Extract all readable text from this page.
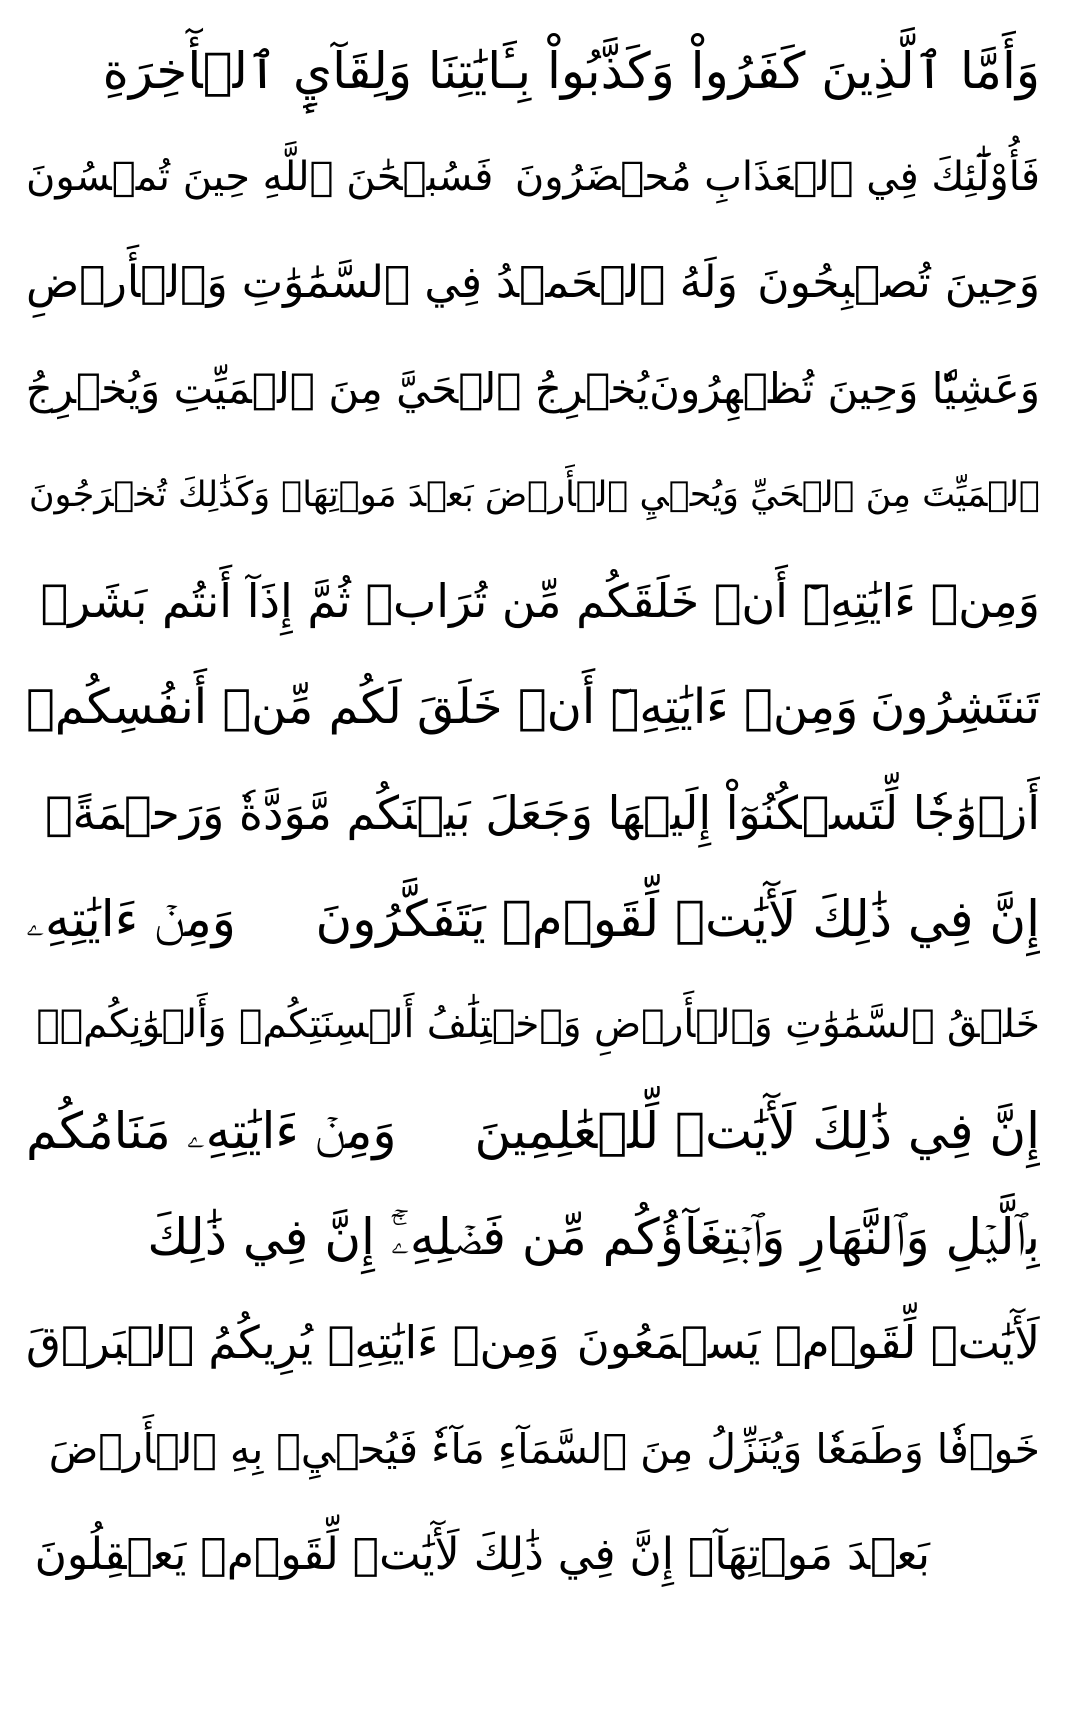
وَأَمَّا ٱلَّذِينَ كَفَرُواْ وَكَذَّبُواْ بِـَٔايَٰتِنَا وَلِقَآيِٕ ٱلۡأٓخِرَةِ
فَأُوْلَٰٓئِكَ فِي ٱلۡعَذَابِ مُحۡضَرُونَ
فَسُبۡحَٰنَ ٱللَّهِ حِينَ تُمۡسُونَ
وَحِينَ تُصۡبِحُونَ
وَلَهُ ٱلۡحَمۡدُ فِي ٱلسَّمَٰوَٰتِ وَٱلۡأَرۡضِ
وَعَشِيّٗا وَحِينَ تُظۡهِرُونَ
يُخۡرِجُ ٱلۡحَيَّ مِنَ ٱلۡمَيِّتِ وَيُخۡرِجُ
ٱلۡمَيِّتَ مِنَ ٱلۡحَيِّ وَيُحۡيِ ٱلۡأَرۡضَ بَعۡدَ مَوۡتِهَاۚ وَكَذَٰلِكَ تُخۡرَجُونَ
وَمِنۡ ءَايَٰتِهِۦٓ أَنۡ خَلَقَكُم مِّن تُرَابٖ ثُمَّ إِذَآ أَنتُم بَشَرٞ
تَنتَشِرُونَ
وَمِنۡ ءَايَٰتِهِۦٓ أَنۡ خَلَقَ لَكُم مِّنۡ أَنفُسِكُمۡ
أَزۡوَٰجٗا لِّتَسۡكُنُوٓاْ إِلَيۡهَا وَجَعَلَ بَيۡنَكُم مَّوَدَّةٗ وَرَحۡمَةًۚ
إِنَّ فِي ذَٰلِكَ لَأٓيَٰتٖ لِّقَوۡمٖ يَتَفَكَّرُونَ
وَمِنۡ ءَايَٰتِهِۦ
خَلۡقُ ٱلسَّمَٰوَٰتِ وَٱلۡأَرۡضِ وَٱخۡتِلَٰفُ أَلۡسِنَتِكُمۡ وَأَلۡوَٰنِكُمۡۚ
إِنَّ فِي ذَٰلِكَ لَأٓيَٰتٖ لِّلۡعَٰلِمِينَ
وَمِنۡ ءَايَٰتِهِۦ مَنَامُكُم
بِٱلَّيۡلِ وَٱلنَّهَارِ وَٱبۡتِغَآؤُكُم مِّن فَضۡلِهِۦٓۚ إِنَّ فِي ذَٰلِكَ
لَأٓيَٰتٖ لِّقَوۡمٖ يَسۡمَعُونَ
وَمِنۡ ءَايَٰتِهِۦ يُرِيكُمُ ٱلۡبَرۡقَ
خَوۡفٗا وَطَمَعٗا وَيُنَزِّلُ مِنَ ٱلسَّمَآءِ مَآءٗ فَيُحۡيِۦ بِهِ ٱلۡأَرۡضَ
بَعۡدَ مَوۡتِهَآۚ إِنَّ فِي ذَٰلِكَ لَأٓيَٰتٖ لِّقَوۡمٖ يَعۡقِلُونَ
